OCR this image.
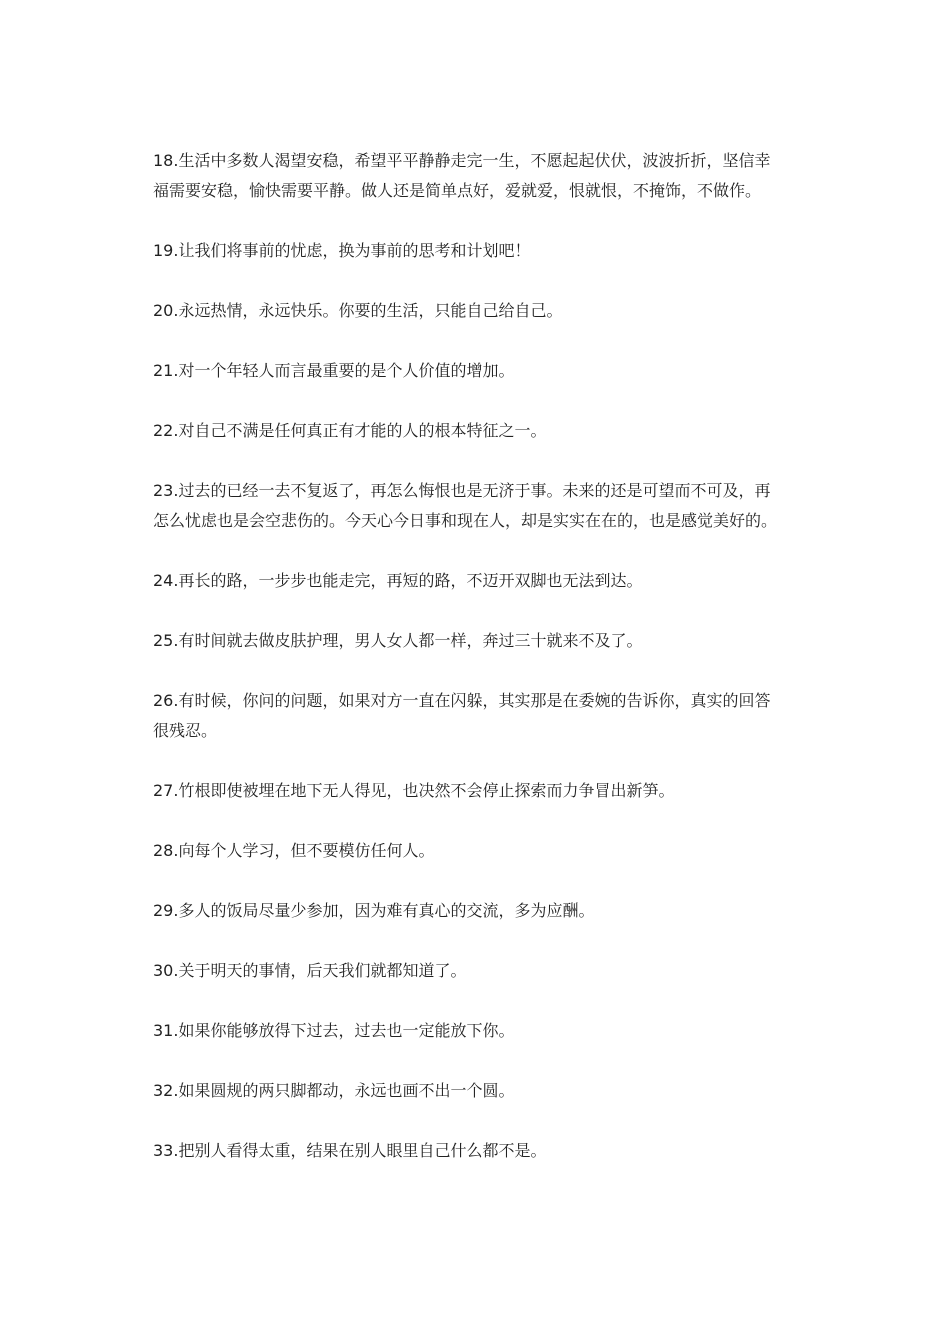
18.生活中多数人渴望安稳，希望平平静静走完一生，不愿起起伏伏，波波折折，坚信幸
福需要安稳，愉快需要平静。做人还是简单点好，爱就爱，恨就恨，不掩饰，不做作。
19.让我们将事前的忧虑，换为事前的思考和计划吧！
20.永远热情，永远快乐。你要的生活，只能自己给自己。
21.对一个年轻人而言最重要的是个人价值的增加。
22.对自己不满是任何真正有才能的人的根本特征之一。
23.过去的已经一去不复返了，再怎么悔恨也是无济于事。未来的还是可望而不可及，再
怎么忧虑也是会空悲伤的。今天心今日事和现在人，却是实实在在的，也是感觉美好的。
24.再长的路，一步步也能走完，再短的路，不迈开双脚也无法到达。
25.有时间就去做皮肤护理，男人女人都一样，奔过三十就来不及了。
26.有时候，你问的问题，如果对方一直在闪躲，其实那是在委婉的告诉你，真实的回答
很残忍。
27.竹根即使被埋在地下无人得见，也决然不会停止探索而力争冒出新笋。
28.向每个人学习，但不要模仿任何人。
29.多人的饭局尽量少参加，因为难有真心的交流，多为应酬。
30.关于明天的事情，后天我们就都知道了。
31.如果你能够放得下过去，过去也一定能放下你。
32.如果圆规的两只脚都动，永远也画不出一个圆。
33.把别人看得太重，结果在别人眼里自己什么都不是。
